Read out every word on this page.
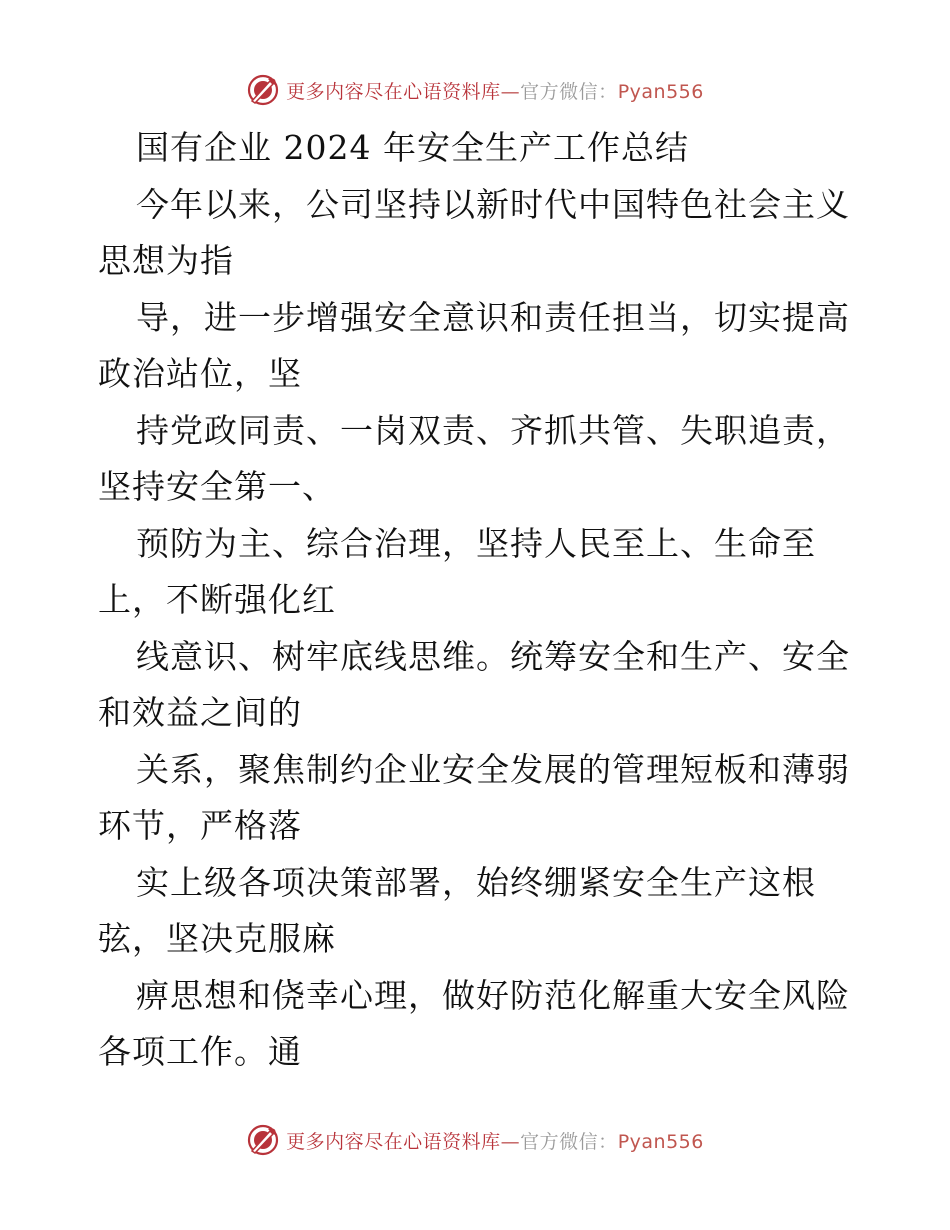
更多内容尽在心语资料库—官方微信：Pyan556
国有企业 2024 年安全生产工作总结
今年以来，公司坚持以新时代中国特色社会主义
思想为指
导，进一步增强安全意识和责任担当，切实提高
政治站位，坚
持党政同责、一岗双责、齐抓共管、失职追责，
坚持安全第一、
预防为主、综合治理，坚持人民至上、生命至
上，不断强化红
线意识、树牢底线思维。统筹安全和生产、安全
和效益之间的
关系，聚焦制约企业安全发展的管理短板和薄弱
环节，严格落
实上级各项决策部署，始终绷紧安全生产这根
弦，坚决克服麻
痹思想和侥幸心理，做好防范化解重大安全风险
各项工作。通
更多内容尽在心语资料库—官方微信：Pyan556
